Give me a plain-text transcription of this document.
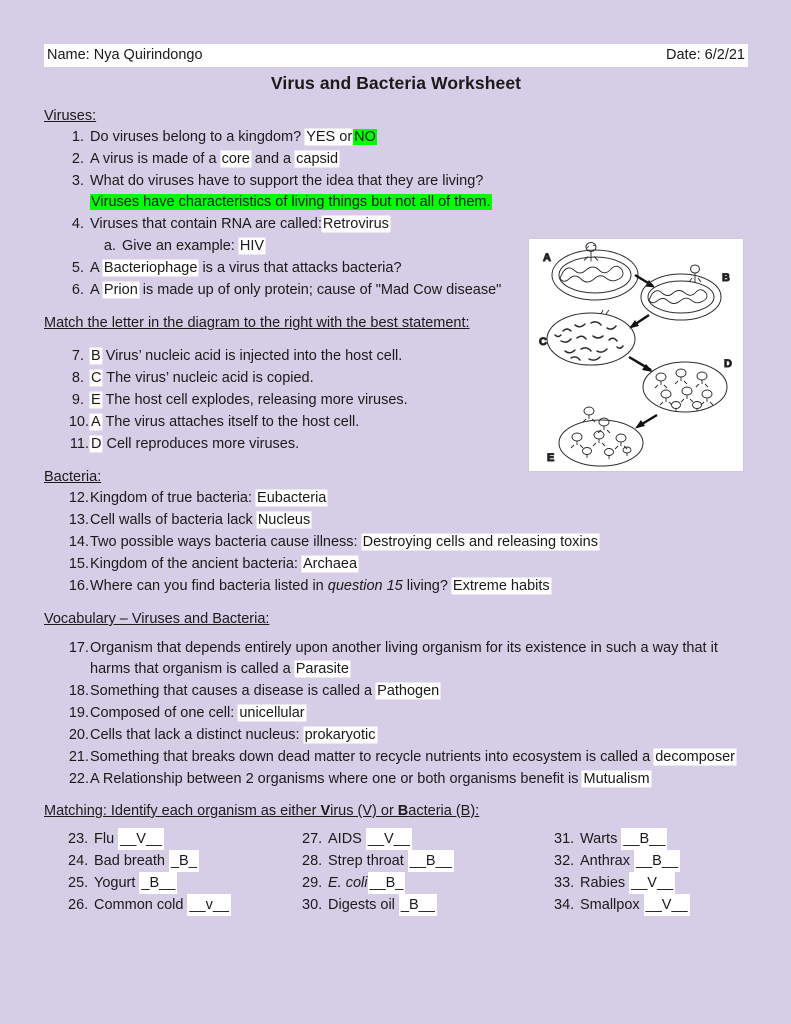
Name: Nya Quirindongo	Date: 6/2/21
Virus and Bacteria Worksheet
Viruses:
1. Do viruses belong to a kingdom? YES or NO
2. A virus is made of a core and a capsid
3. What do viruses have to support the idea that they are living?
Viruses have characteristics of living things but not all of them.
4. Viruses that contain RNA are called:Retrovirus
a. Give an example: HIV
5. A Bacteriophage is a virus that attacks bacteria?
6. A Prion is made up of only protein; cause of "Mad Cow disease"
Match the letter in the diagram to the right with the best statement:
7. B Virus’ nucleic acid is injected into the host cell.
8. C The virus’ nucleic acid is copied.
9. E The host cell explodes, releasing more viruses.
10. A The virus attaches itself to the host cell.
11. D Cell reproduces more viruses.
Bacteria:
12. Kingdom of true bacteria: Eubacteria
13. Cell walls of bacteria lack Nucleus
14. Two possible ways bacteria cause illness: Destroying cells and releasing toxins
15. Kingdom of the ancient bacteria: Archaea
16. Where can you find bacteria listed in question 15 living? Extreme habits
Vocabulary – Viruses and Bacteria:
17. Organism that depends entirely upon another living organism for its existence in such a way that it harms that organism is called a Parasite
18. Something that causes a disease is called a Pathogen
19. Composed of one cell: unicellular
20. Cells that lack a distinct nucleus: prokaryotic
21. Something that breaks down dead matter to recycle nutrients into ecosystem is called a decomposer
22. A Relationship between 2 organisms where one or both organisms benefit is Mutualism
Matching: Identify each organism as either Virus (V) or Bacteria (B):
23. Flu __V__
24. Bad breath _B_
25. Yogurt _B__
26. Common cold __v__
27. AIDS __V__
28. Strep throat __B__
29. E. coli __B_
30. Digests oil _B__
31. Warts __B__
32. Anthrax __B__
33. Rabies __V__
34. Smallpox __V__
A
B
C
D
E
